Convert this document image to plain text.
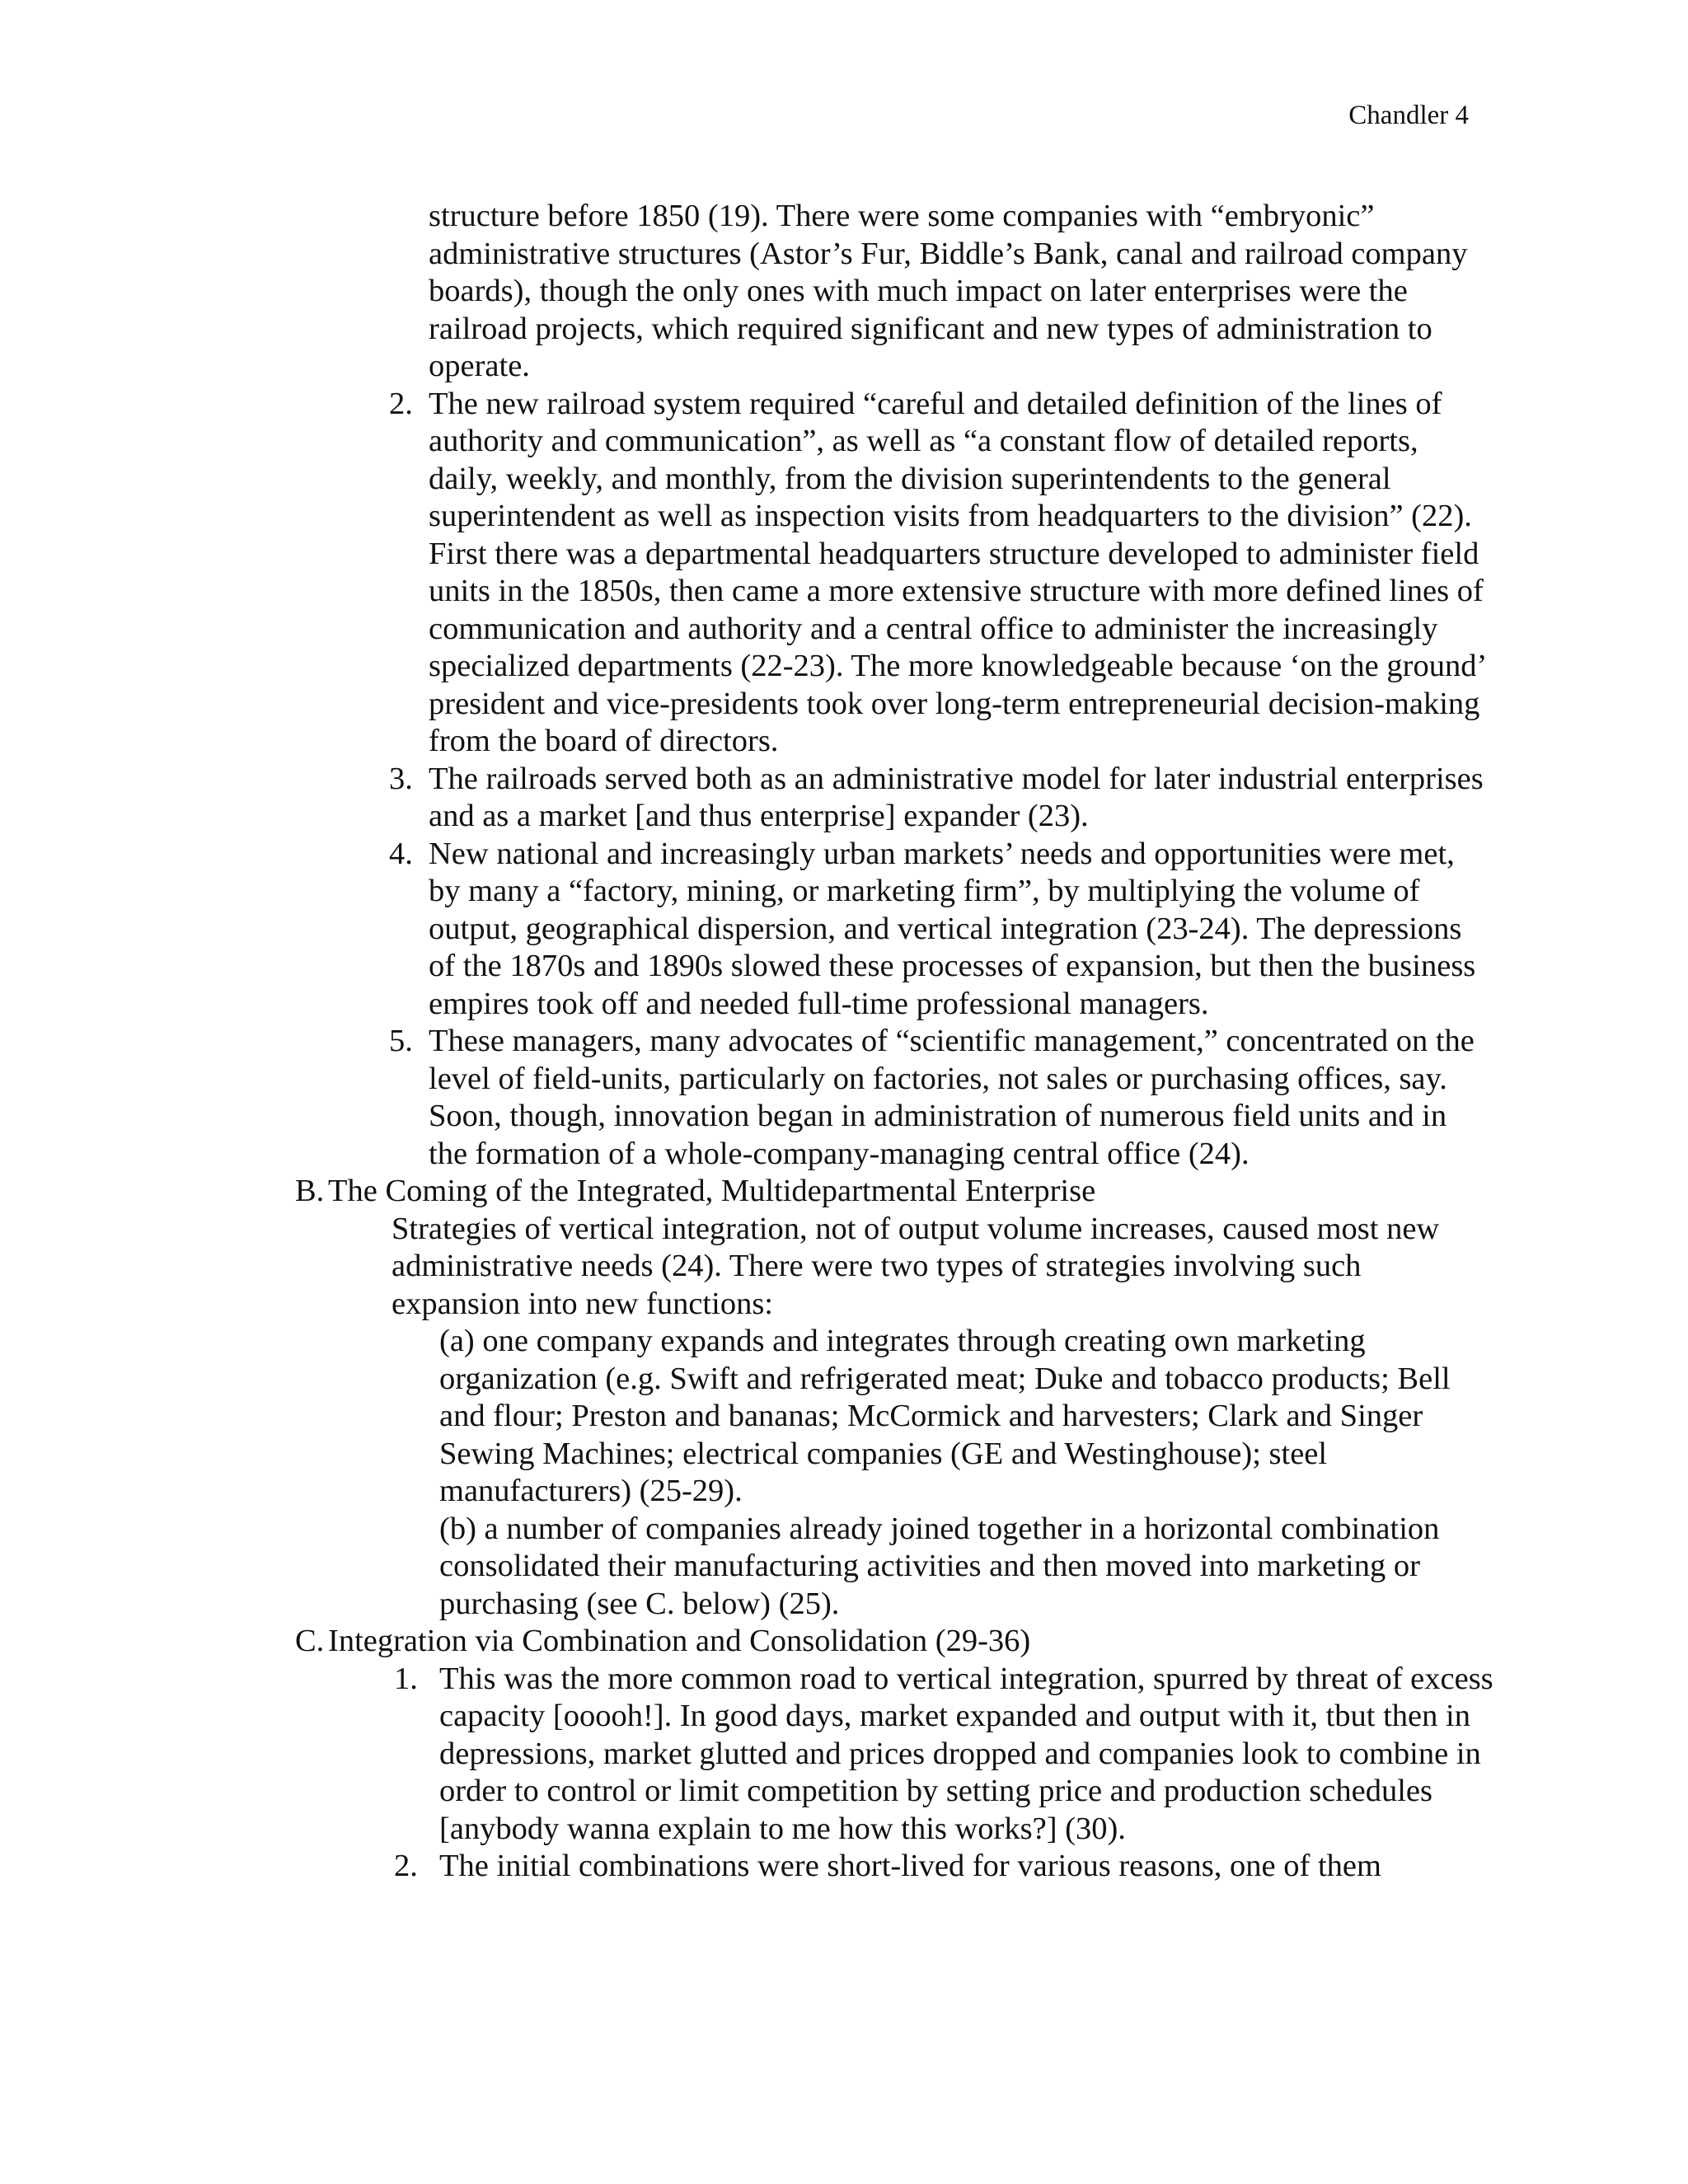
Chandler 4

structure before 1850 (19). There were some companies with “embryonic” administrative structures (Astor’s Fur, Biddle’s Bank, canal and railroad company boards), though the only ones with much impact on later enterprises were the railroad projects, which required significant and new types of administration to operate.

2. The new railroad system required “careful and detailed definition of the lines of authority and communication”, as well as “a constant flow of detailed reports, daily, weekly, and monthly, from the division superintendents to the general superintendent as well as inspection visits from headquarters to the division” (22). First there was a departmental headquarters structure developed to administer field units in the 1850s, then came a more extensive structure with more defined lines of communication and authority and a central office to administer the increasingly specialized departments (22-23). The more knowledgeable because ‘on the ground’ president and vice-presidents took over long-term entrepreneurial decision-making from the board of directors.
3. The railroads served both as an administrative model for later industrial enterprises and as a market [and thus enterprise] expander (23).
4. New national and increasingly urban markets’ needs and opportunities were met, by many a “factory, mining, or marketing firm”, by multiplying the volume of output, geographical dispersion, and vertical integration (23-24). The depressions of the 1870s and 1890s slowed these processes of expansion, but then the business empires took off and needed full-time professional managers.
5. These managers, many advocates of “scientific management,” concentrated on the level of field-units, particularly on factories, not sales or purchasing offices, say. Soon, though, innovation began in administration of numerous field units and in the formation of a whole-company-managing central office (24).
B. The Coming of the Integrated, Multidepartmental Enterprise

Strategies of vertical integration, not of output volume increases, caused most new administrative needs (24). There were two types of strategies involving such expansion into new functions:

(a) one company expands and integrates through creating own marketing organization (e.g. Swift and refrigerated meat; Duke and tobacco products; Bell and flour; Preston and bananas; McCormick and harvesters; Clark and Singer Sewing Machines; electrical companies (GE and Westinghouse); steel manufacturers) (25-29).

(b) a number of companies already joined together in a horizontal combination consolidated their manufacturing activities and then moved into marketing or purchasing (see C. below) (25).

C. Integration via Combination and Consolidation (29-36)
1. This was the more common road to vertical integration, spurred by threat of excess capacity [ooooh!]. In good days, market expanded and output with it, tbut then in depressions, market glutted and prices dropped and companies look to combine in order to control or limit competition by setting price and production schedules [anybody wanna explain to me how this works?] (30).
2. The initial combinations were short-lived for various reasons, one of them
